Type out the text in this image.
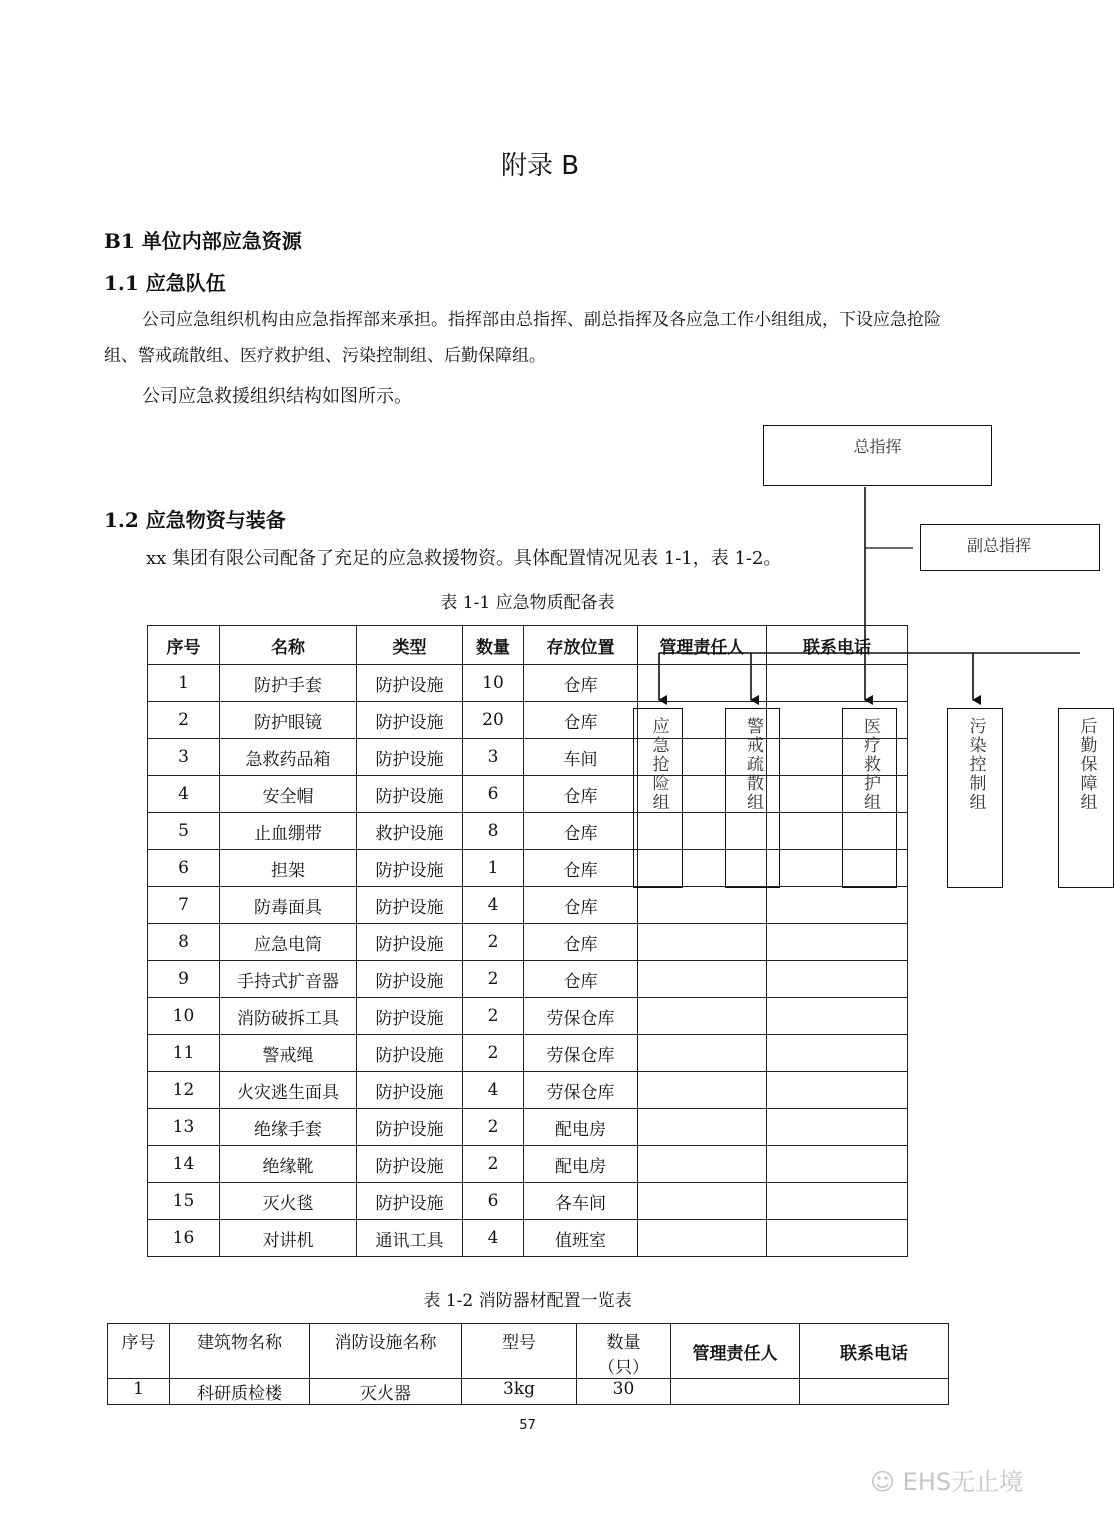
附录 B
B1 单位内部应急资源
1.1 应急队伍
公司应急组织机构由应急指挥部来承担。指挥部由总指挥、副总指挥及各应急工作小组组成，下设应急抢险组、警戒疏散组、医疗救护组、污染控制组、后勤保障组。
公司应急救援组织结构如图所示。
1.2 应急物资与装备
xx 集团有限公司配备了充足的应急救援物资。具体配置情况见表 1-1，表 1-2。
表 1-1 应急物质配备表
序号	名称	类型	数量	存放位置	管理责任人	联系电话
1	防护手套	防护设施	10	仓库		
2	防护眼镜	防护设施	20	仓库		
3	急救药品箱	防护设施	3	车间		
4	安全帽	防护设施	6	仓库		
5	止血绷带	救护设施	8	仓库		
6	担架	防护设施	1	仓库		
7	防毒面具	防护设施	4	仓库		
8	应急电筒	防护设施	2	仓库		
9	手持式扩音器	防护设施	2	仓库		
10	消防破拆工具	防护设施	2	劳保仓库		
11	警戒绳	防护设施	2	劳保仓库		
12	火灾逃生面具	防护设施	4	劳保仓库		
13	绝缘手套	防护设施	2	配电房		
14	绝缘靴	防护设施	2	配电房		
15	灭火毯	防护设施	6	各车间		
16	对讲机	通讯工具	4	值班室		
表 1-2 消防器材配置一览表
序号	建筑物名称	消防设施名称	型号	数量（只）	管理责任人	联系电话
1	科研质检楼	灭火器	3kg	30		
总指挥
副总指挥
应急抢险组	警戒疏散组	医疗救护组	污染控制组	后勤保障组
57
☺ EHS无止境
